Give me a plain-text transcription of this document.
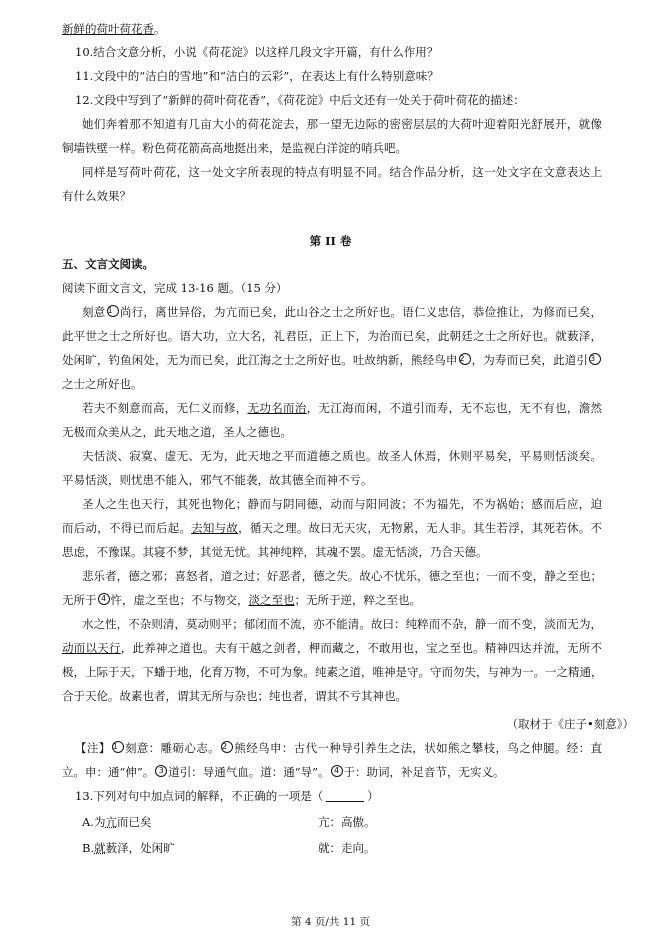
新鲜的荷叶荷花香。
10.结合文意分析，小说《荷花淀》以这样几段文字开篇，有什么作用？
11.文段中的“洁白的雪地”和“洁白的云彩”，在表达上有什么特别意味？
12.文段中写到了“新鲜的荷叶荷花香”，《荷花淀》中后文还有一处关于荷叶荷花的描述：
她们奔着那不知道有几亩大小的荷花淀去，那一望无边际的密密层层的大荷叶迎着阳光舒展开，就像
铜墙铁壁一样。粉色荷花箭高高地挺出来，是监视白洋淀的哨兵吧。
同样是写荷叶荷花，这一处文字所表现的特点有明显不同。结合作品分析，这一处文字在文意表达上
有什么效果？
第 II 卷
五、文言文阅读。
阅读下面文言文，完成 13-16 题。（15 分）
刻意 1 尚行，离世异俗，为亢而已矣，此山谷之士之所好也。语仁义忠信，恭俭推让，为修而已矣，
此平世之士之所好也。语大功，立大名，礼君臣，正上下，为治而已矣，此朝廷之士之所好也。就薮泽，
处闲旷，钓鱼闲处，无为而已矣，此江海之士之所好也。吐故纳新，熊经鸟申 2 ，为寿而已矣，此道引 3
之士之所好也。
若夫不刻意而高，无仁义而修，无功名而治，无江海而闲，不道引而寿，无不忘也，无不有也，澹然
无极而众美从之，此天地之道，圣人之德也。
夫恬淡、寂寞、虚无、无为，此天地之平而道德之质也。故圣人休焉，休则平易矣，平易则恬淡矣。
平易恬淡，则忧患不能入，邪气不能袭，故其德全而神不亏。
圣人之生也天行，其死也物化；静而与阴同德，动而与阳同波；不为福先，不为祸始；感而后应，迫
而后动，不得已而后起。去知与故，循天之理。故曰无天灾，无物累，无人非。其生若浮，其死若休。不
思虑，不豫谋。其寝不梦，其觉无忧。其神纯粹，其魂不罢。虚无恬淡，乃合天德。
悲乐者，德之邪；喜怒者，道之过；好恶者，德之失。故心不忧乐，德之至也；一而不变，静之至也；
无所于 4 忤，虚之至也；不与物交，淡之至也；无所于逆，粹之至也。
水之性，不杂则清，莫动则平；郁闭而不流，亦不能清。故曰：纯粹而不杂，静一而不变，淡而无为，
动而以天行，此养神之道也。夫有干越之剑者，柙而藏之，不敢用也，宝之至也。精神四达并流，无所不
极，上际于天，下蟠于地，化育万物，不可为象。纯素之道，唯神是守。守而勿失，与神为一。一之精通，
合于天伦。故素也者，谓其无所与杂也；纯也者，谓其不亏其神也。
（取材于《庄子•刻意》）
【注】 1 刻意：雕砺心志。 2 熊经鸟申：古代一种导引养生之法，状如熊之攀枝，鸟之伸腿。经：直
立。申：通“伸”。 3 道引：导通气血。道：通“导”。 4 于：助词，补足音节，无实义。
13.下列对句中加点词的解释，不正确的一项是（	）
A.为亢而已矣	亢：高傲。
B.就薮泽，处闲旷	就：走向。
第 4 页/共 11 页
